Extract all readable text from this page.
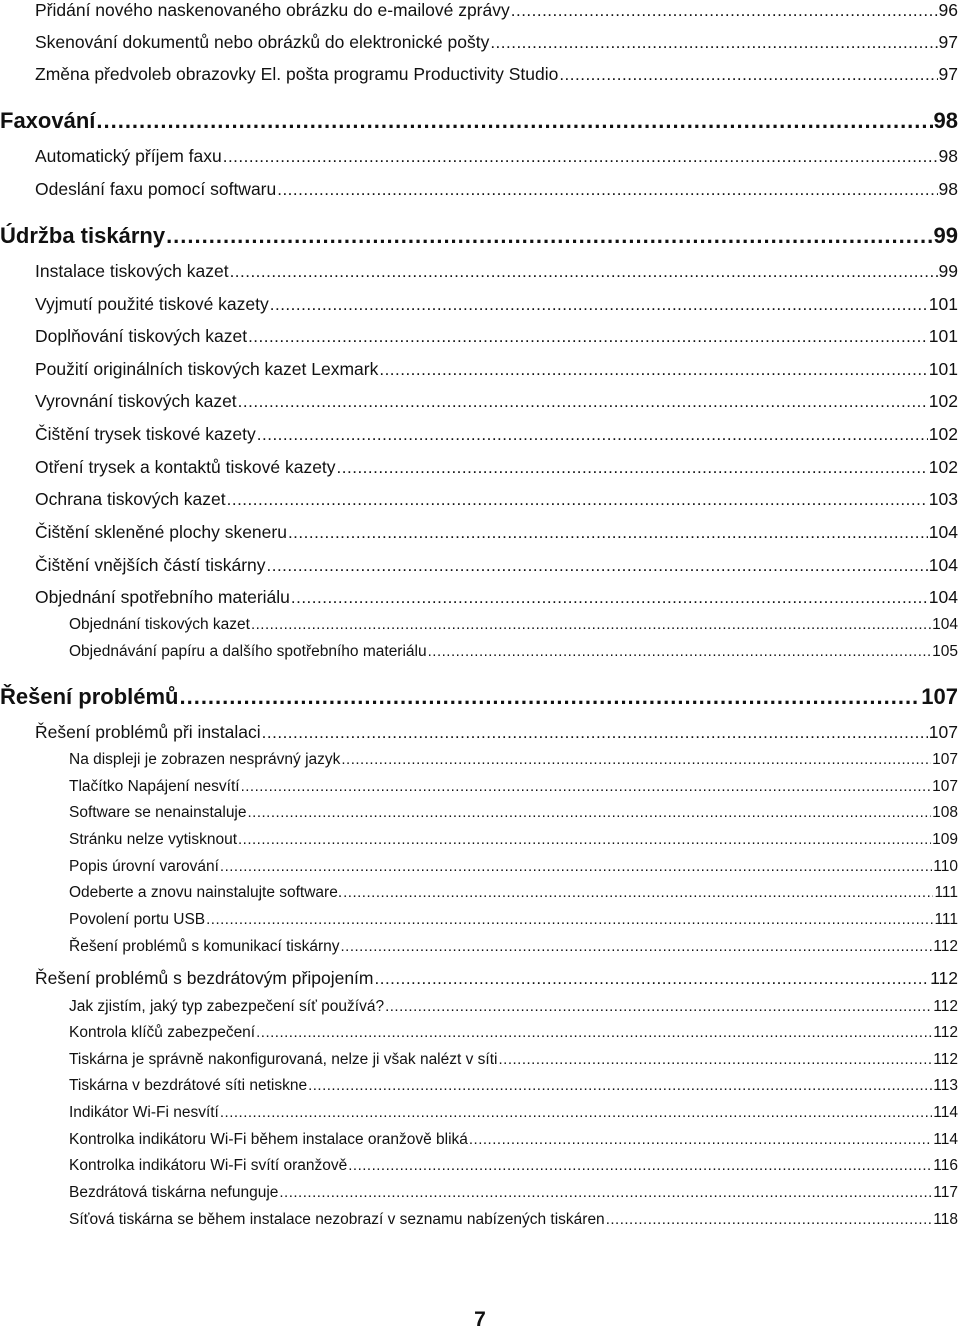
Přidání nového naskenovaného obrázku do e-mailové zprávy .....	96
Skenování dokumentů nebo obrázků do elektronické pošty .....	97
Změna předvoleb obrazovky El. pošta programu Productivity Studio .....	97
Faxování .....	98
Automatický příjem faxu .....	98
Odeslání faxu pomocí softwaru .....	98
Údržba tiskárny .....	99
Instalace tiskových kazet .....	99
Vyjmutí použité tiskové kazety .....	101
Doplňování tiskových kazet .....	101
Použití originálních tiskových kazet Lexmark .....	101
Vyrovnání tiskových kazet .....	102
Čištění trysek tiskové kazety .....	102
Otření trysek a kontaktů tiskové kazety .....	102
Ochrana tiskových kazet .....	103
Čištění skleněné plochy skeneru .....	104
Čištění vnějších částí tiskárny .....	104
Objednání spotřebního materiálu .....	104
Objednání tiskových kazet .....	104
Objednávání papíru a dalšího spotřebního materiálu .....	105
Řešení problémů .....	107
Řešení problémů při instalaci .....	107
Na displeji je zobrazen nesprávný jazyk .....	107
Tlačítko Napájení nesvítí .....	107
Software se nenainstaluje .....	108
Stránku nelze vytisknout .....	109
Popis úrovní varování .....	110
Odeberte a znovu nainstalujte software. .....	111
Povolení portu USB .....	111
Řešení problémů s komunikací tiskárny .....	112
Řešení problémů s bezdrátovým připojením .....	112
Jak zjistím, jaký typ zabezpečení síť používá? .....	112
Kontrola klíčů zabezpečení .....	112
Tiskárna je správně nakonfigurovaná, nelze ji však nalézt v síti .....	112
Tiskárna v bezdrátové síti netiskne .....	113
Indikátor Wi-Fi nesvítí .....	114
Kontrolka indikátoru Wi-Fi během instalace oranžově bliká .....	114
Kontrolka indikátoru Wi-Fi svítí oranžově .....	116
Bezdrátová tiskárna nefunguje .....	117
Síťová tiskárna se během instalace nezobrazí v seznamu nabízených tiskáren .....	118
7
